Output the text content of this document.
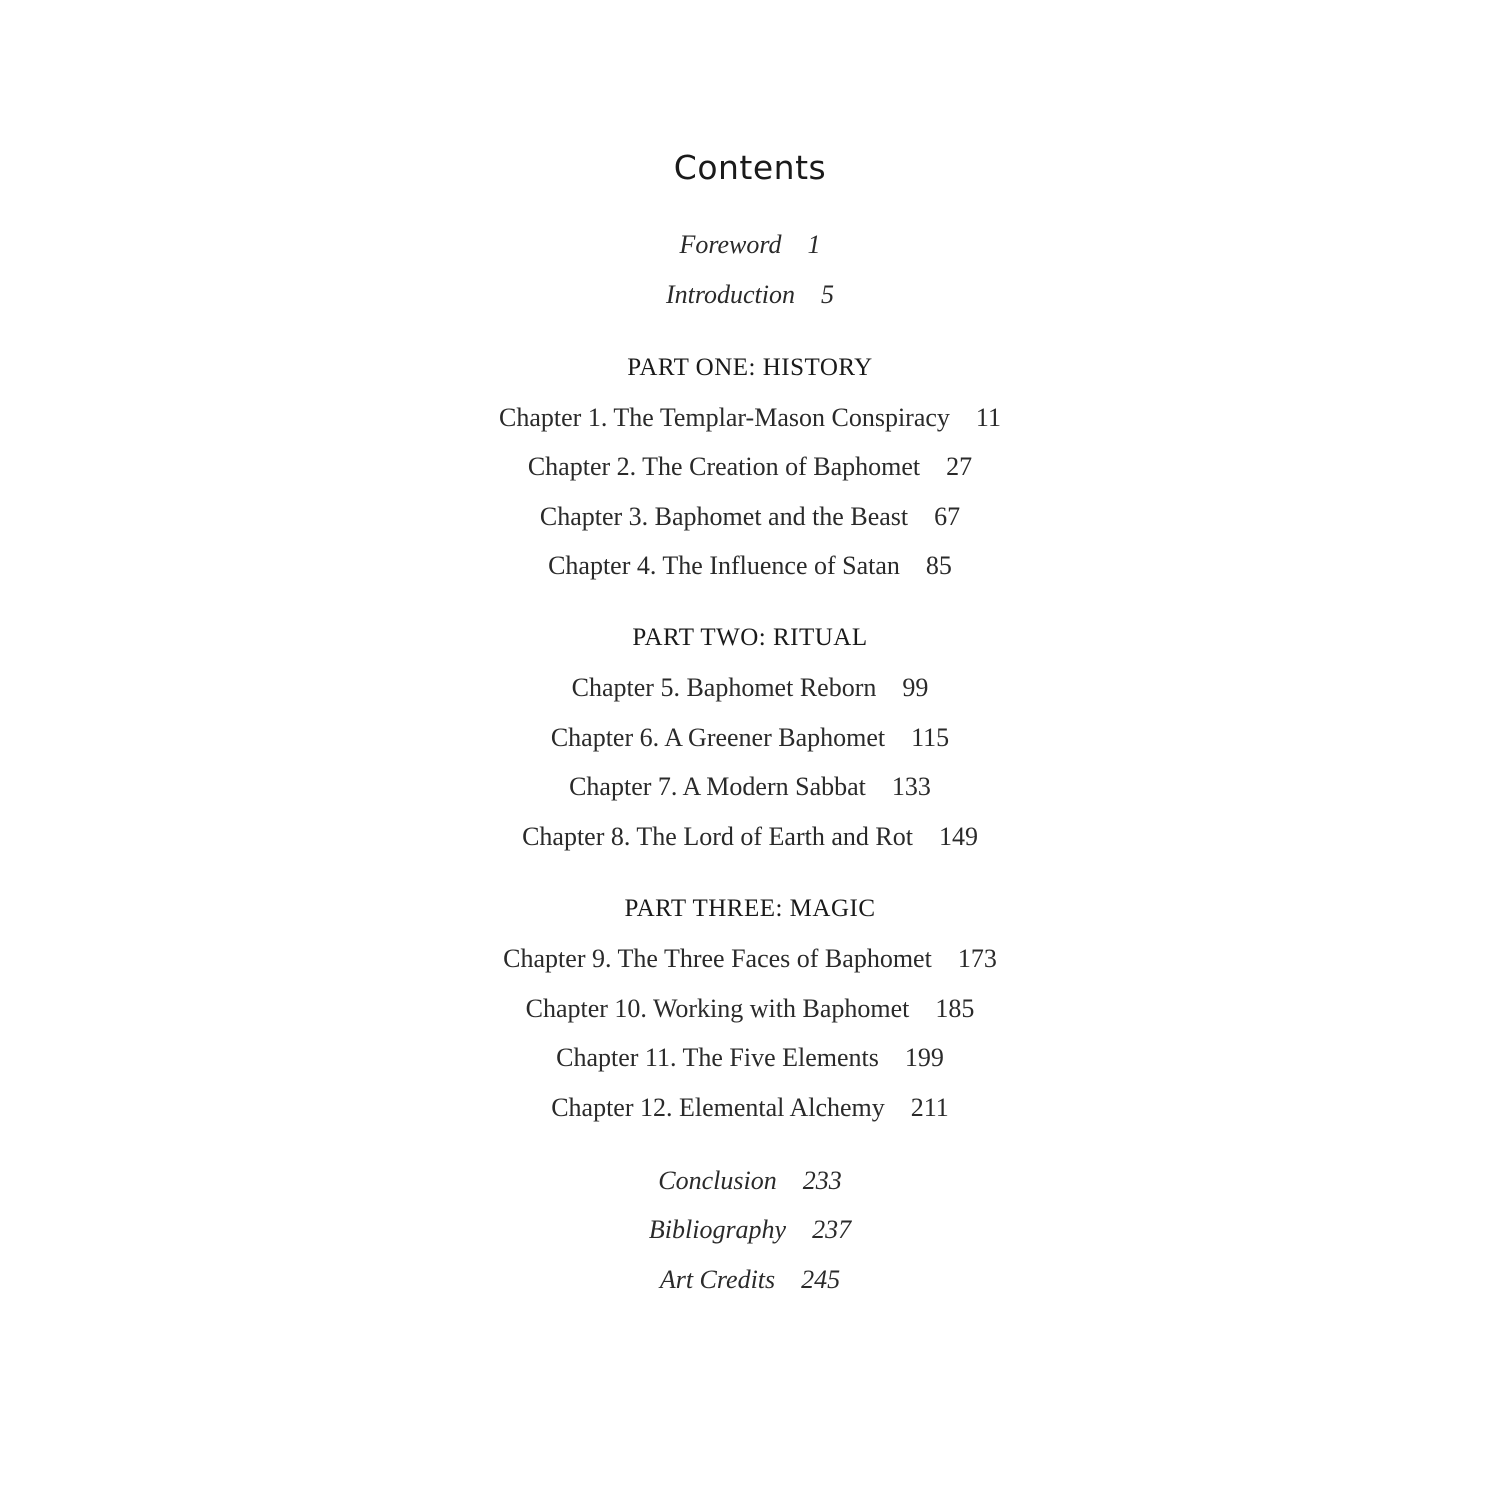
Contents
Foreword 1
Introduction 5
PART ONE: HISTORY
Chapter 1. The Templar-Mason Conspiracy 11
Chapter 2. The Creation of Baphomet 27
Chapter 3. Baphomet and the Beast 67
Chapter 4. The Influence of Satan 85
PART TWO: RITUAL
Chapter 5. Baphomet Reborn 99
Chapter 6. A Greener Baphomet 115
Chapter 7. A Modern Sabbat 133
Chapter 8. The Lord of Earth and Rot 149
PART THREE: MAGIC
Chapter 9. The Three Faces of Baphomet 173
Chapter 10. Working with Baphomet 185
Chapter 11. The Five Elements 199
Chapter 12. Elemental Alchemy 211
Conclusion 233
Bibliography 237
Art Credits 245
